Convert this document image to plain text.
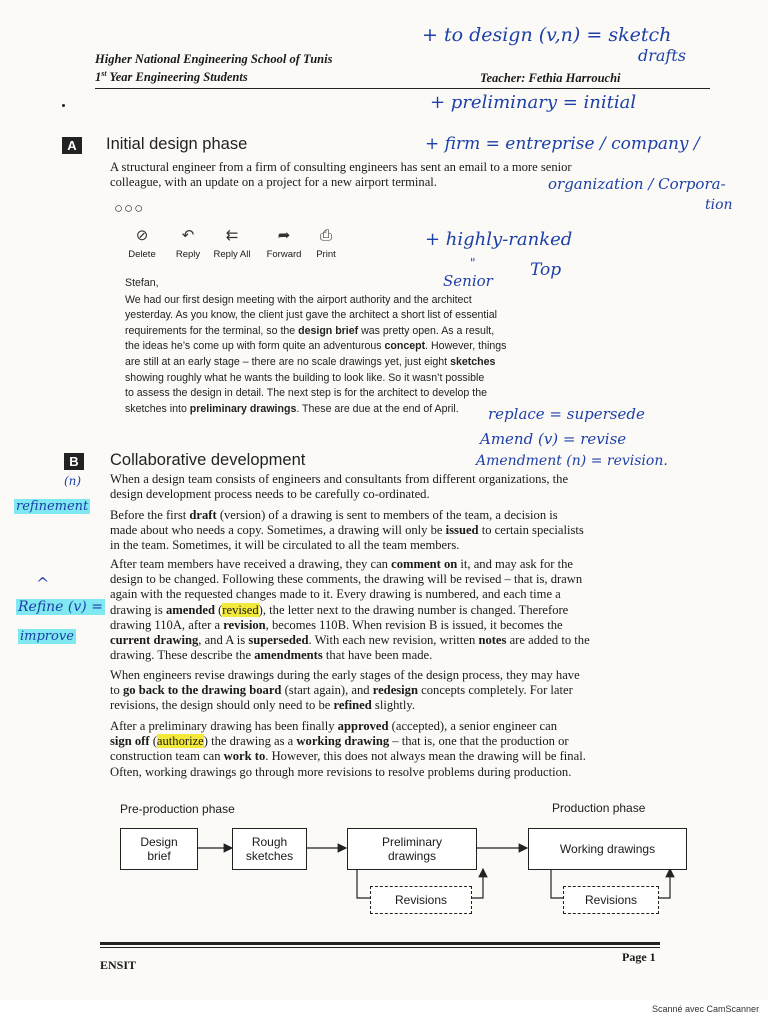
Higher National Engineering School of Tunis
1st Year Engineering Students	Teacher: Fethia Harrouchi
+ to design (v,n) = sketch
drafts
+ preliminary = initial
+ firm = entreprise / company /
organization / Corpora-
tion
+ highly-ranked
"
Senior
Top
A	Initial design phase
A structural engineer from a firm of consulting engineers has sent an email to a more senior
colleague, with an update on a project for a new airport terminal.
○○○
⊘
Delete
↶
Reply
⇇
Reply All
➦
Forward
⎙
Print
Stefan,
We had our first design meeting with the airport authority and the architect
yesterday. As you know, the client just gave the architect a short list of essential
requirements for the terminal, so the design brief was pretty open. As a result,
the ideas he’s come up with form quite an adventurous concept. However, things
are still at an early stage – there are no scale drawings yet, just eight sketches
showing roughly what he wants the building to look like. So it wasn’t possible
to assess the design in detail. The next step is for the architect to develop the
sketches into preliminary drawings. These are due at the end of April.	replace = supersede
Amend (v) = revise
Amendment (n) = revision.
B	Collaborative development
(n)
refinement
^
Refine (v) =
improve
When a design team consists of engineers and consultants from different organizations, the
design development process needs to be carefully co-ordinated.
Before the first draft (version) of a drawing is sent to members of the team, a decision is
made about who needs a copy. Sometimes, a drawing will only be issued to certain specialists
in the team. Sometimes, it will be circulated to all the team members.
After team members have received a drawing, they can comment on it, and may ask for the
design to be changed. Following these comments, the drawing will be revised – that is, drawn
again with the requested changes made to it. Every drawing is numbered, and each time a
drawing is amended (revised), the letter next to the drawing number is changed. Therefore
drawing 110A, after a revision, becomes 110B. When revision B is issued, it becomes the
current drawing, and A is superseded. With each new revision, written notes are added to the
drawing. These describe the amendments that have been made.
When engineers revise drawings during the early stages of the design process, they may have
to go back to the drawing board (start again), and redesign concepts completely. For later
revisions, the design should only need to be refined slightly.
After a preliminary drawing has been finally approved (accepted), a senior engineer can
sign off (authorize) the drawing as a working drawing – that is, one that the production or
construction team can work to. However, this does not always mean the drawing will be final.
Often, working drawings go through more revisions to resolve problems during production.
Pre-production phase	Production phase
Design brief
Rough sketches
Preliminary drawings	Working drawings
Revisions	Revisions
ENSIT
Page 1
Scanné avec CamScanner
